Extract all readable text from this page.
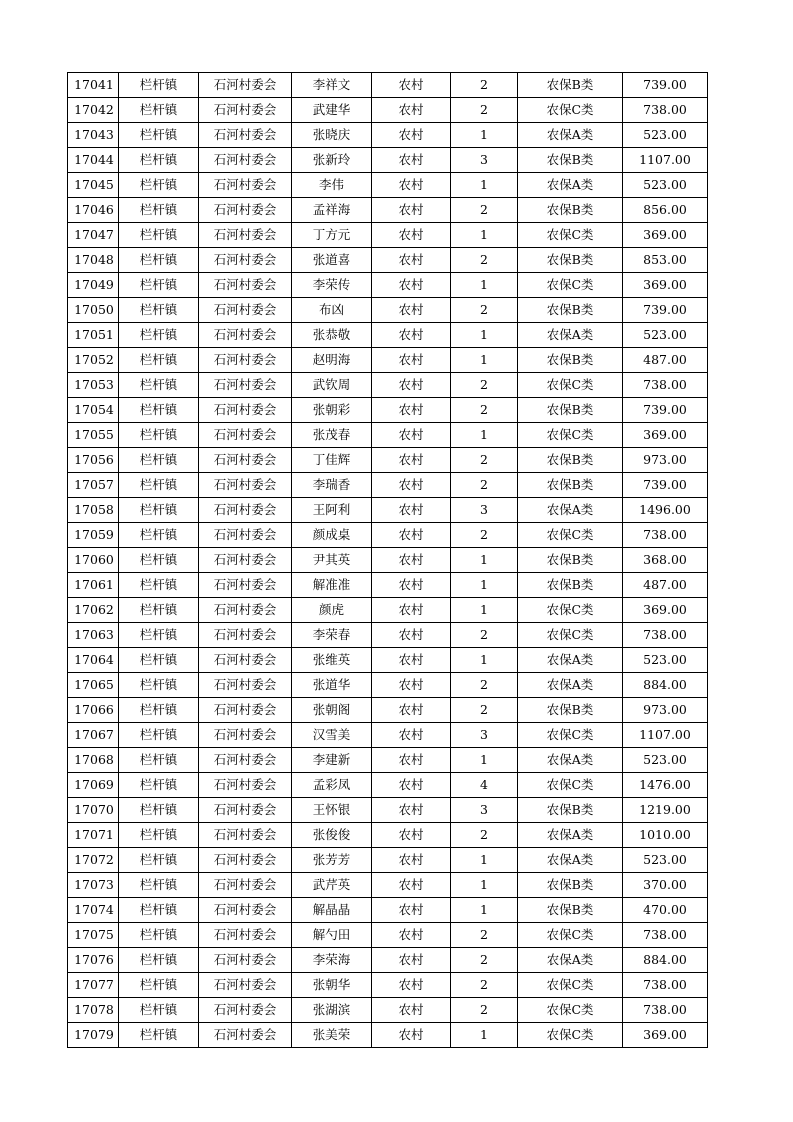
17041	栏杆镇	石河村委会	李祥文	农村	2	农保B类	739.00
17042	栏杆镇	石河村委会	武建华	农村	2	农保C类	738.00
17043	栏杆镇	石河村委会	张晓庆	农村	1	农保A类	523.00
17044	栏杆镇	石河村委会	张新玲	农村	3	农保B类	1107.00
17045	栏杆镇	石河村委会	李伟	农村	1	农保A类	523.00
17046	栏杆镇	石河村委会	孟祥海	农村	2	农保B类	856.00
17047	栏杆镇	石河村委会	丁方元	农村	1	农保C类	369.00
17048	栏杆镇	石河村委会	张道喜	农村	2	农保B类	853.00
17049	栏杆镇	石河村委会	李荣传	农村	1	农保C类	369.00
17050	栏杆镇	石河村委会	布凶	农村	2	农保B类	739.00
17051	栏杆镇	石河村委会	张恭敬	农村	1	农保A类	523.00
17052	栏杆镇	石河村委会	赵明海	农村	1	农保B类	487.00
17053	栏杆镇	石河村委会	武钦周	农村	2	农保C类	738.00
17054	栏杆镇	石河村委会	张朝彩	农村	2	农保B类	739.00
17055	栏杆镇	石河村委会	张茂春	农村	1	农保C类	369.00
17056	栏杆镇	石河村委会	丁佳辉	农村	2	农保B类	973.00
17057	栏杆镇	石河村委会	李瑞香	农村	2	农保B类	739.00
17058	栏杆镇	石河村委会	王阿利	农村	3	农保A类	1496.00
17059	栏杆镇	石河村委会	颜成桌	农村	2	农保C类	738.00
17060	栏杆镇	石河村委会	尹其英	农村	1	农保B类	368.00
17061	栏杆镇	石河村委会	解准准	农村	1	农保B类	487.00
17062	栏杆镇	石河村委会	颜虎	农村	1	农保C类	369.00
17063	栏杆镇	石河村委会	李荣春	农村	2	农保C类	738.00
17064	栏杆镇	石河村委会	张维英	农村	1	农保A类	523.00
17065	栏杆镇	石河村委会	张道华	农村	2	农保A类	884.00
17066	栏杆镇	石河村委会	张朝阁	农村	2	农保B类	973.00
17067	栏杆镇	石河村委会	汉雪美	农村	3	农保C类	1107.00
17068	栏杆镇	石河村委会	李建新	农村	1	农保A类	523.00
17069	栏杆镇	石河村委会	孟彩凤	农村	4	农保C类	1476.00
17070	栏杆镇	石河村委会	王怀银	农村	3	农保B类	1219.00
17071	栏杆镇	石河村委会	张俊俊	农村	2	农保A类	1010.00
17072	栏杆镇	石河村委会	张芳芳	农村	1	农保A类	523.00
17073	栏杆镇	石河村委会	武芹英	农村	1	农保B类	370.00
17074	栏杆镇	石河村委会	解晶晶	农村	1	农保B类	470.00
17075	栏杆镇	石河村委会	解勺田	农村	2	农保C类	738.00
17076	栏杆镇	石河村委会	李荣海	农村	2	农保A类	884.00
17077	栏杆镇	石河村委会	张朝华	农村	2	农保C类	738.00
17078	栏杆镇	石河村委会	张湖滨	农村	2	农保C类	738.00
17079	栏杆镇	石河村委会	张美荣	农村	1	农保C类	369.00
